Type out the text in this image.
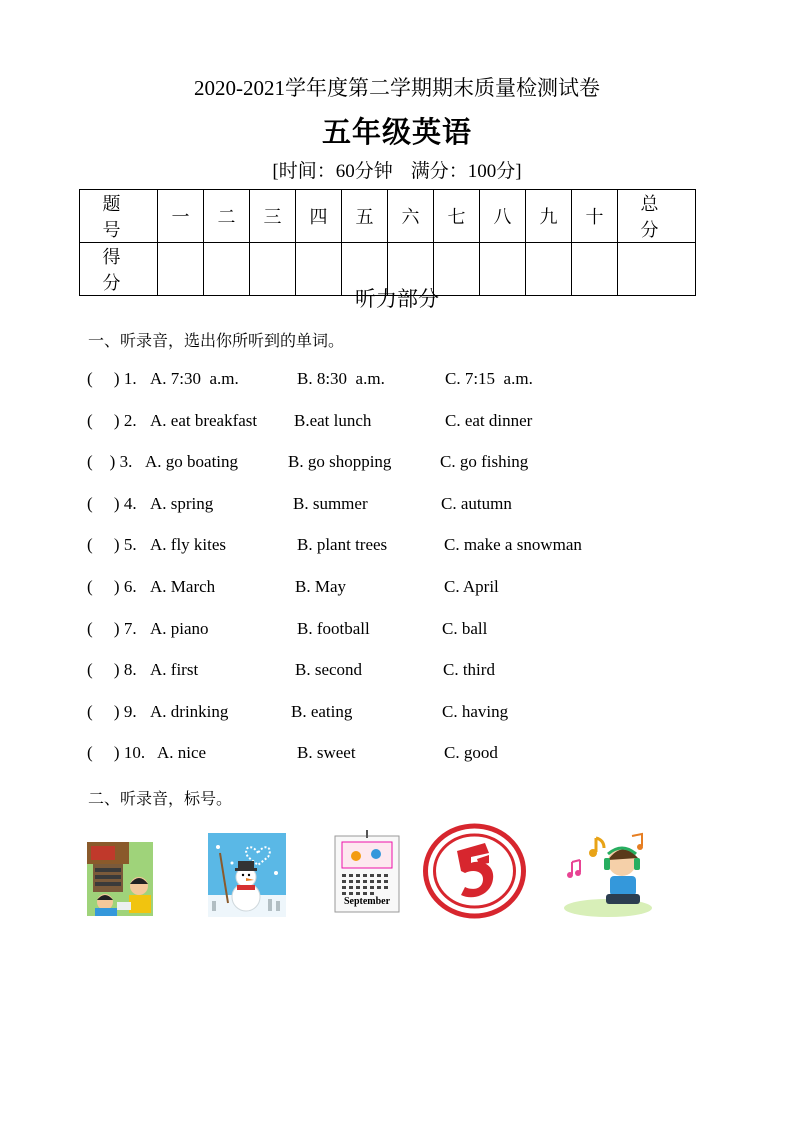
2020-2021学年度第二学期期末质量检测试卷
五年级英语
[时间：60分钟 满分：100分]
题 号	一	二	三	四	五	六	七	八	九	十	总 分
得 分											
听力部分
一、听录音，选出你所听到的单词。
(     ) 1. A. 7:30  a.m.	B. 8:30  a.m.	C. 7:15  a.m.
(     ) 2. A. eat breakfast B.eat lunch	C. eat dinner
(    ) 3. A. go boating	B. go shopping	C. go fishing
(     ) 4. A. spring	B. summer	C. autumn
(     ) 5. A. fly kites	B. plant trees	C. make a snowman
(     ) 6. A. March	B. May	C. April
(     ) 7. A. piano	B. football	C. ball
(     ) 8. A. first	B. second	C. third
(     ) 9. A. drinking	B. eating	C. having
(     ) 10. A. nice	B. sweet	C. good
二、听录音，标号。
September
